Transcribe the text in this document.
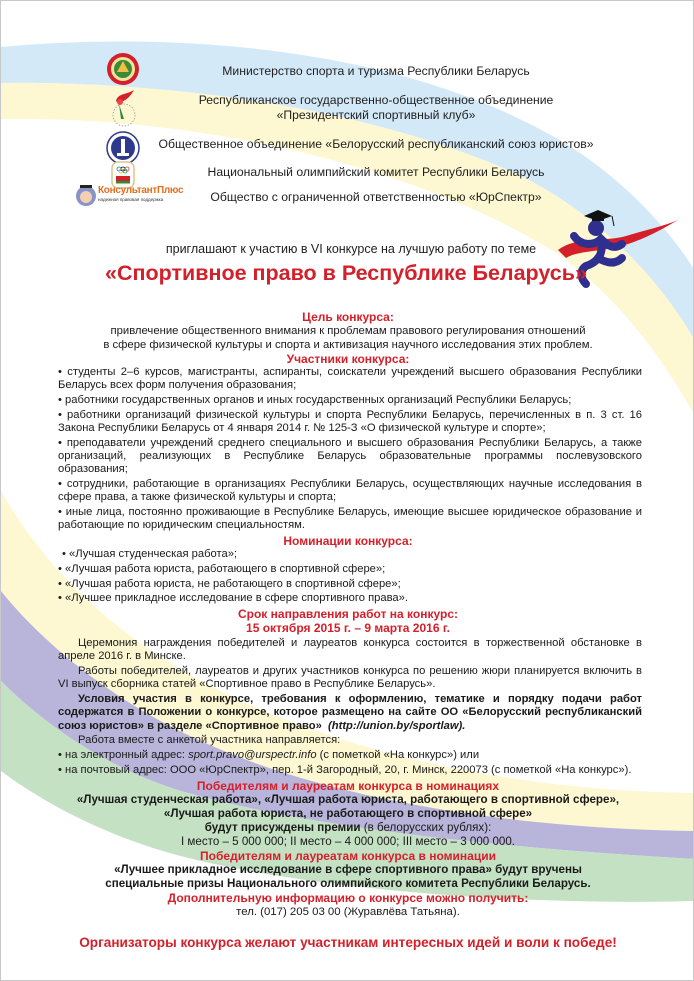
КонсультантПлюс
надежная правовая поддержка
Министерство спорта и туризма Республики Беларусь
Республиканское государственно-общественное объединение
«Президентский спортивный клуб»
Общественное объединение «Белорусский республиканский союз юристов»
Национальный олимпийский комитет Республики Беларусь
Общество с ограниченной ответственностью «ЮрСпектр»
приглашают к участию в VI конкурсе на лучшую работу по теме
«Спортивное право в Республике Беларусь»
Цель конкурса:
привлечение общественного внимания к проблемам правового регулирования отношений
в сфере физической культуры и спорта и активизация научного исследования этих проблем.
Участники конкурса:

• студенты 2–6 курсов, магистранты, аспиранты, соискатели учреждений высшего образования Республики Беларусь всех форм получения образования;

• работники государственных органов и иных государственных организаций Республики Беларусь;

• работники организаций физической культуры и спорта Республики Беларусь, перечисленных в п. 3 ст. 16 Закона Республики Беларусь от 4 января 2014 г. № 125-З «О физической культуре и спорте»;

• преподаватели учреждений среднего специального и высшего образования Республики Беларусь, а также организаций, реализующих в Республике Беларусь образовательные программы послевузовского образования;

• сотрудники, работающие в организациях Республики Беларусь, осуществляющих научные исследования в сфере права, а также физической культуры и спорта;

• иные лица, постоянно проживающие в Республике Беларусь, имеющие высшее юридическое образование и работающие по юридическим специальностям.

Номинации конкурса:

• «Лучшая студенческая работа»;

• «Лучшая работа юриста, работающего в спортивной сфере»;

• «Лучшая работа юриста, не работающего в спортивной сфере»;

• «Лучшее прикладное исследование в сфере спортивного права».

Срок направления работ на конкурс:
15 октября 2015 г. – 9 марта 2016 г.

Церемония награждения победителей и лауреатов конкурса состоится в торжественной обстановке в апреле 2016 г. в Минске.

Работы победителей, лауреатов и других участников конкурса по решению жюри планируется включить в VI выпуск сборника статей «Спортивное право в Республике Беларусь».

Условия участия в конкурсе, требования к оформлению, тематике и порядку подачи работ содержатся в Положении о конкурсе, которое размещено на сайте ОО «Белорусский республиканский союз юристов» в разделе «Спортивное право» (http://union.by/sportlaw).

Работа вместе с анкетой участника направляется:

• на электронный адрес: sport.pravo@urspectr.info (с пометкой «На конкурс») или

• на почтовый адрес: ООО «ЮрСпектр», пер. 1-й Загородный, 20, г. Минск, 220073 (с пометкой «На конкурс»).

Победителям и лауреатам конкурса в номинациях
«Лучшая студенческая работа», «Лучшая работа юриста, работающего в спортивной сфере»,
«Лучшая работа юриста, не работающего в спортивной сфере»
будут присуждены премии (в белорусских рублях):
I место – 5 000 000; II место – 4 000 000; III место – 3 000 000.
Победителям и лауреатам конкурса в номинации
«Лучшее прикладное исследование в сфере спортивного права» будут вручены
специальные призы Национального олимпийского комитета Республики Беларусь.
Дополнительную информацию о конкурсе можно получить:
тел. (017) 205 03 00 (Журавлёва Татьяна).
Организаторы конкурса желают участникам интересных идей и воли к победе!
